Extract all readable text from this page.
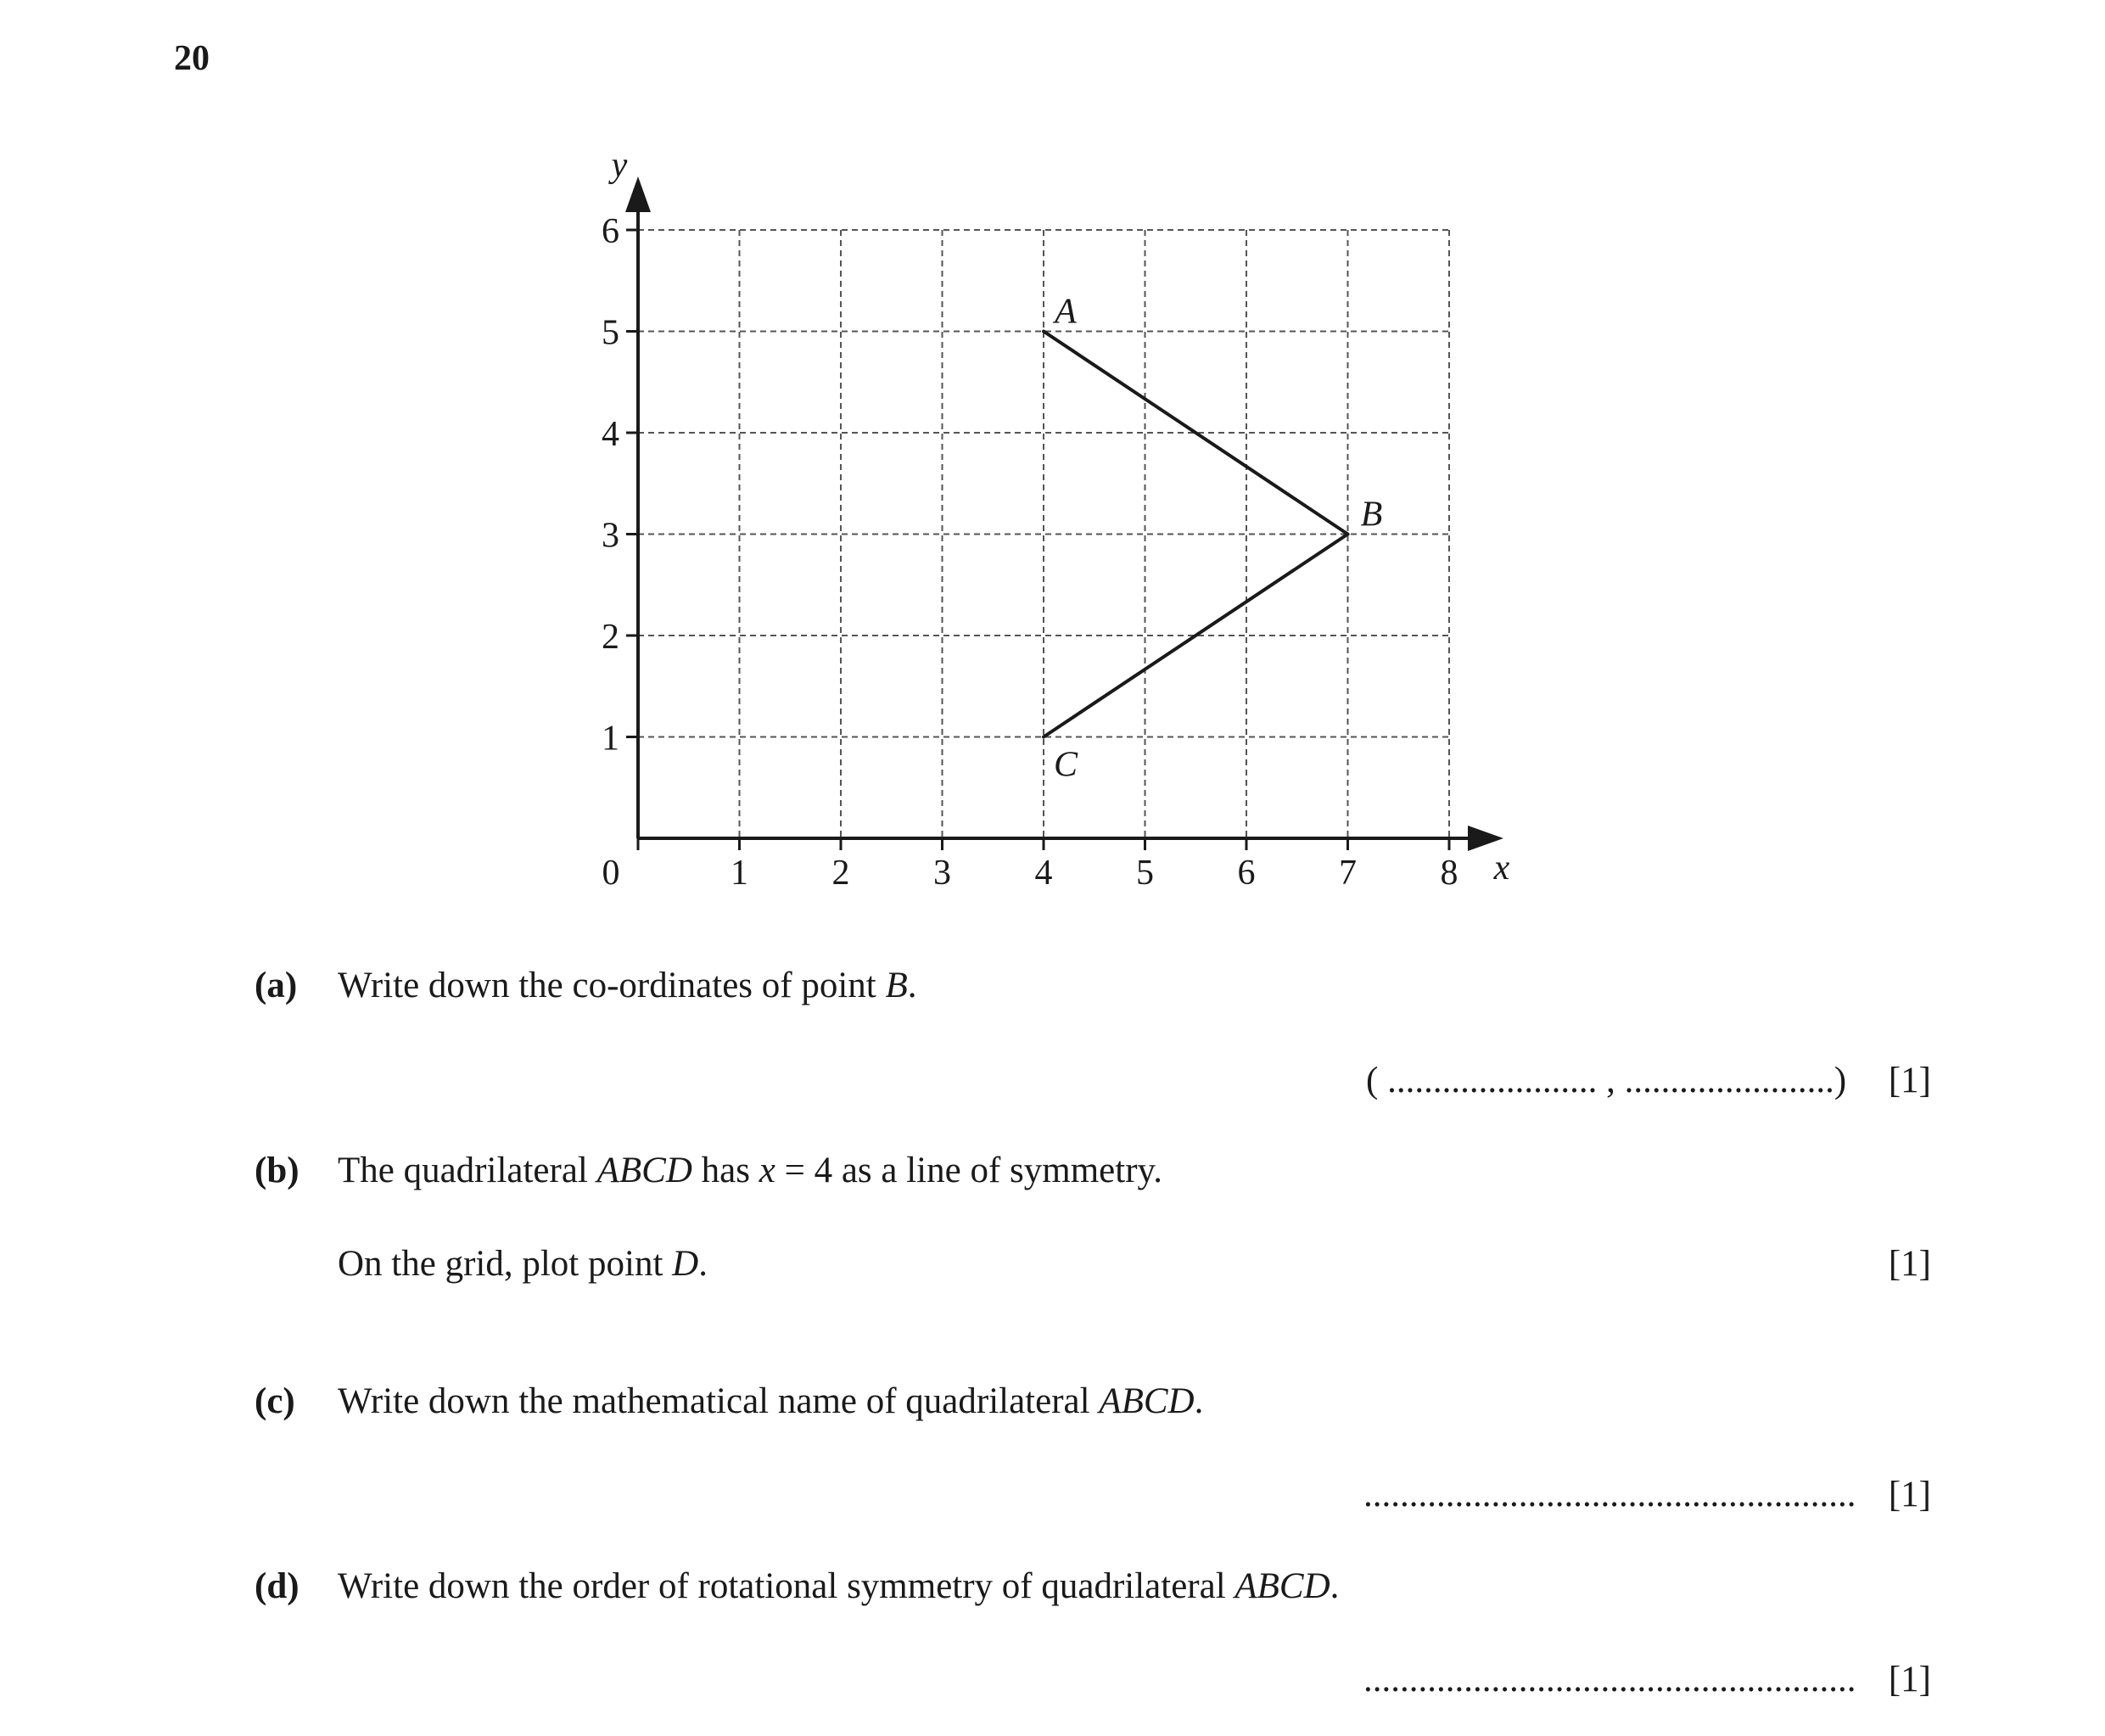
20
1 2 3 4 5 6 7 8
1
2
3
4
5
6
0	x
y
A
B
C
(a) Write down the co-ordinates of point B.
( ....................... , .......................) [1]
(b) The quadrilateral ABCD has x = 4 as a line of symmetry.
On the grid, plot point D.	[1]
(c) Write down the mathematical name of quadrilateral ABCD.
...................................................... [1]
(d) Write down the order of rotational symmetry of quadrilateral ABCD.
...................................................... [1]
